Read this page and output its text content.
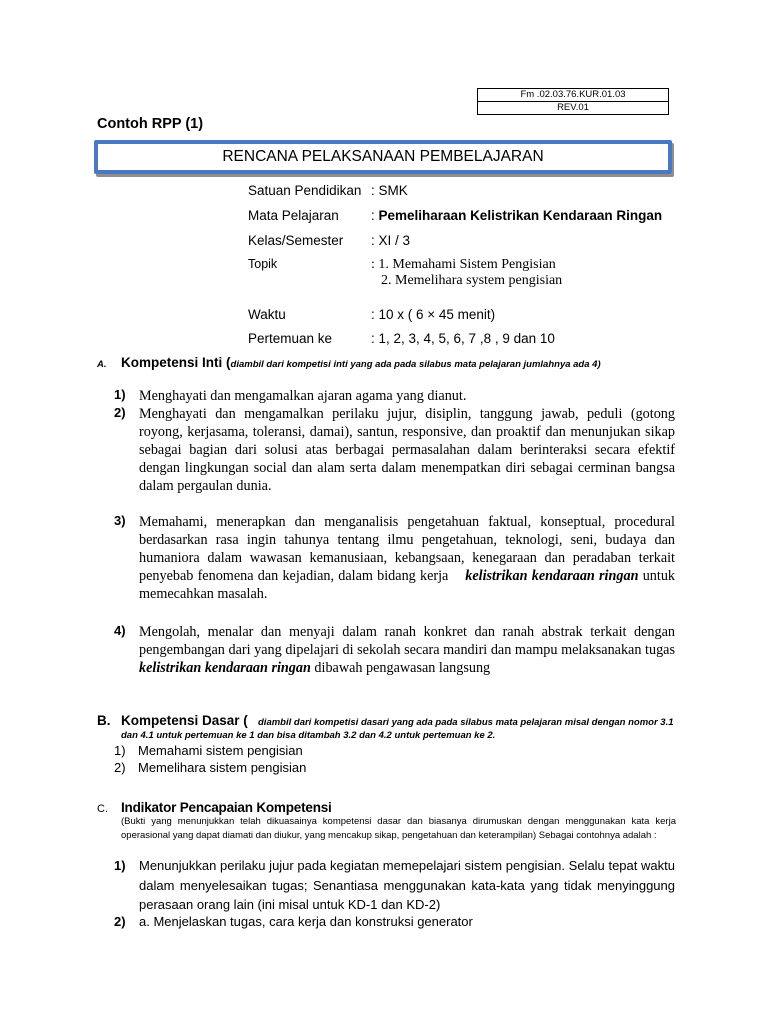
Fm .02.03.76.KUR.01.03
REV.01
Contoh RPP (1)
RENCANA PELAKSANAAN PEMBELAJARAN
Satuan Pendidikan : SMK
Mata Pelajaran : Pemeliharaan Kelistrikan Kendaraan Ringan
Kelas/Semester : XI / 3
Topik	: 1. Memahami Sistem Pengisian
2. Memelihara system pengisian
Waktu	: 10 x ( 6 × 45 menit)
Pertemuan ke	: 1, 2, 3, 4, 5, 6, 7 ,8 , 9 dan 10
A. Kompetensi Inti (diambil dari kompetisi inti yang ada pada silabus mata pelajaran jumlahnya ada 4)
1) Menghayati dan mengamalkan ajaran agama yang dianut.
2) Menghayati dan mengamalkan perilaku jujur, disiplin, tanggung jawab, peduli (gotong royong, kerjasama, toleransi, damai), santun, responsive, dan proaktif dan menunjukan sikap sebagai bagian dari solusi atas berbagai permasalahan dalam berinteraksi secara efektif dengan lingkungan social dan alam serta dalam menempatkan diri sebagai cerminan bangsa dalam pergaulan dunia.
3) Memahami, menerapkan dan menganalisis pengetahuan faktual, konseptual, procedural berdasarkan rasa ingin tahunya tentang ilmu pengetahuan, teknologi, seni, budaya dan humaniora dalam wawasan kemanusiaan, kebangsaan, kenegaraan dan peradaban terkait penyebab fenomena dan kejadian, dalam bidang kerja kelistrikan kendaraan ringan untuk memecahkan masalah.
4) Mengolah, menalar dan menyaji dalam ranah konkret dan ranah abstrak terkait dengan pengembangan dari yang dipelajari di sekolah secara mandiri dan mampu melaksanakan tugas kelistrikan kendaraan ringan dibawah pengawasan langsung
B. Kompetensi Dasar (	diambil dari kompetisi dasari yang ada pada silabus mata pelajaran misal dengan nomor 3.1 dan 4.1 untuk pertemuan ke 1 dan bisa ditambah 3.2 dan 4.2 untuk pertemuan ke 2.
1) Memahami sistem pengisian
2) Memelihara sistem pengisian
C. Indikator Pencapaian Kompetensi
(Bukti yang menunjukkan telah dikuasainya kompetensi dasar dan biasanya dirumuskan dengan menggunakan kata kerja operasional yang dapat diamati dan diukur, yang mencakup sikap, pengetahuan dan keterampilan) Sebagai contohnya adalah :
1) Menunjukkan perilaku jujur pada kegiatan memepelajari sistem pengisian. Selalu tepat waktu dalam menyelesaikan tugas; Senantiasa menggunakan kata-kata yang tidak menyinggung perasaan orang lain (ini misal untuk KD-1 dan KD-2)
2) a. Menjelaskan tugas, cara kerja dan konstruksi generator
